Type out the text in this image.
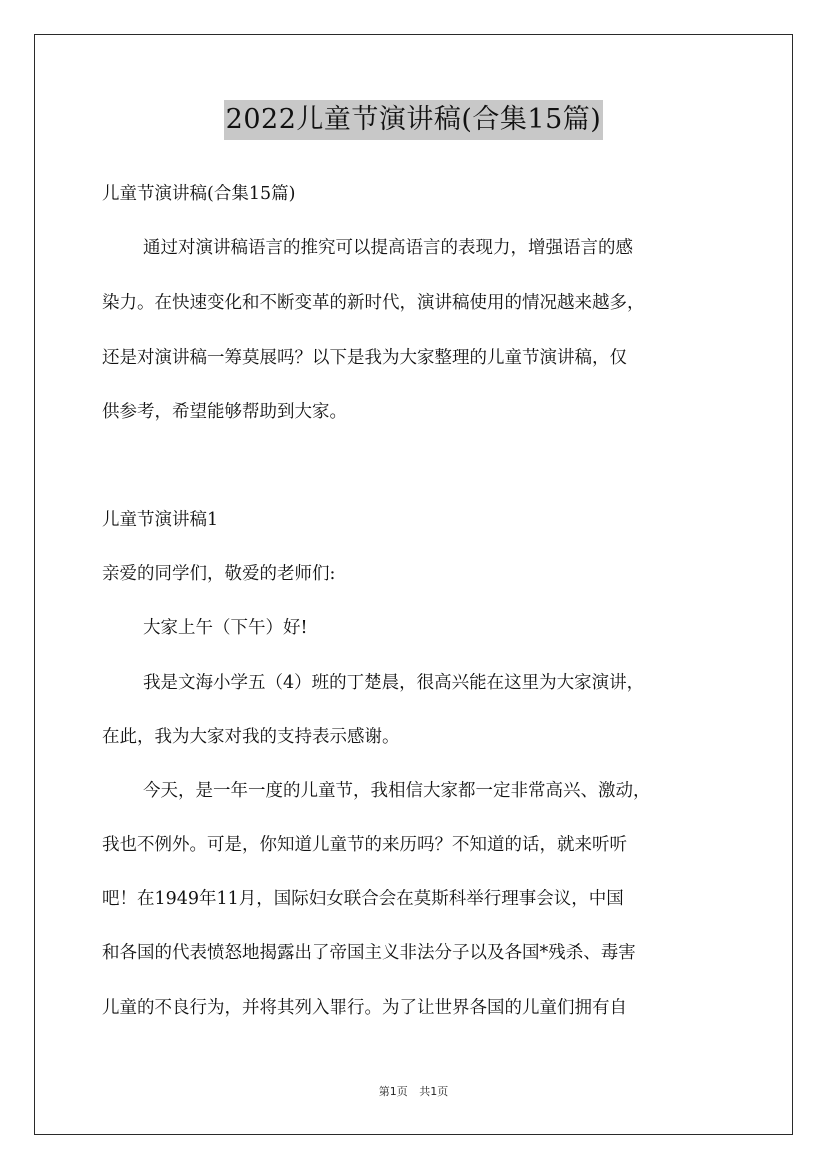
2022儿童节演讲稿(合集15篇)
儿童节演讲稿(合集15篇)
通过对演讲稿语言的推究可以提高语言的表现力，增强语言的感
染力。在快速变化和不断变革的新时代，演讲稿使用的情况越来越多，
还是对演讲稿一筹莫展吗？以下是我为大家整理的儿童节演讲稿，仅
供参考，希望能够帮助到大家。
儿童节演讲稿1
亲爱的同学们，敬爱的老师们:
大家上午（下午）好!
我是文海小学五（4）班的丁楚晨，很高兴能在这里为大家演讲，
在此，我为大家对我的支持表示感谢。
今天，是一年一度的儿童节，我相信大家都一定非常高兴、激动，
我也不例外。可是，你知道儿童节的来历吗？不知道的话，就来听听
吧！在1949年11月，国际妇女联合会在莫斯科举行理事会议，中国
和各国的代表愤怒地揭露出了帝国主义非法分子以及各国*残杀、毒害
儿童的不良行为，并将其列入罪行。为了让世界各国的儿童们拥有自
第1页 共1页
